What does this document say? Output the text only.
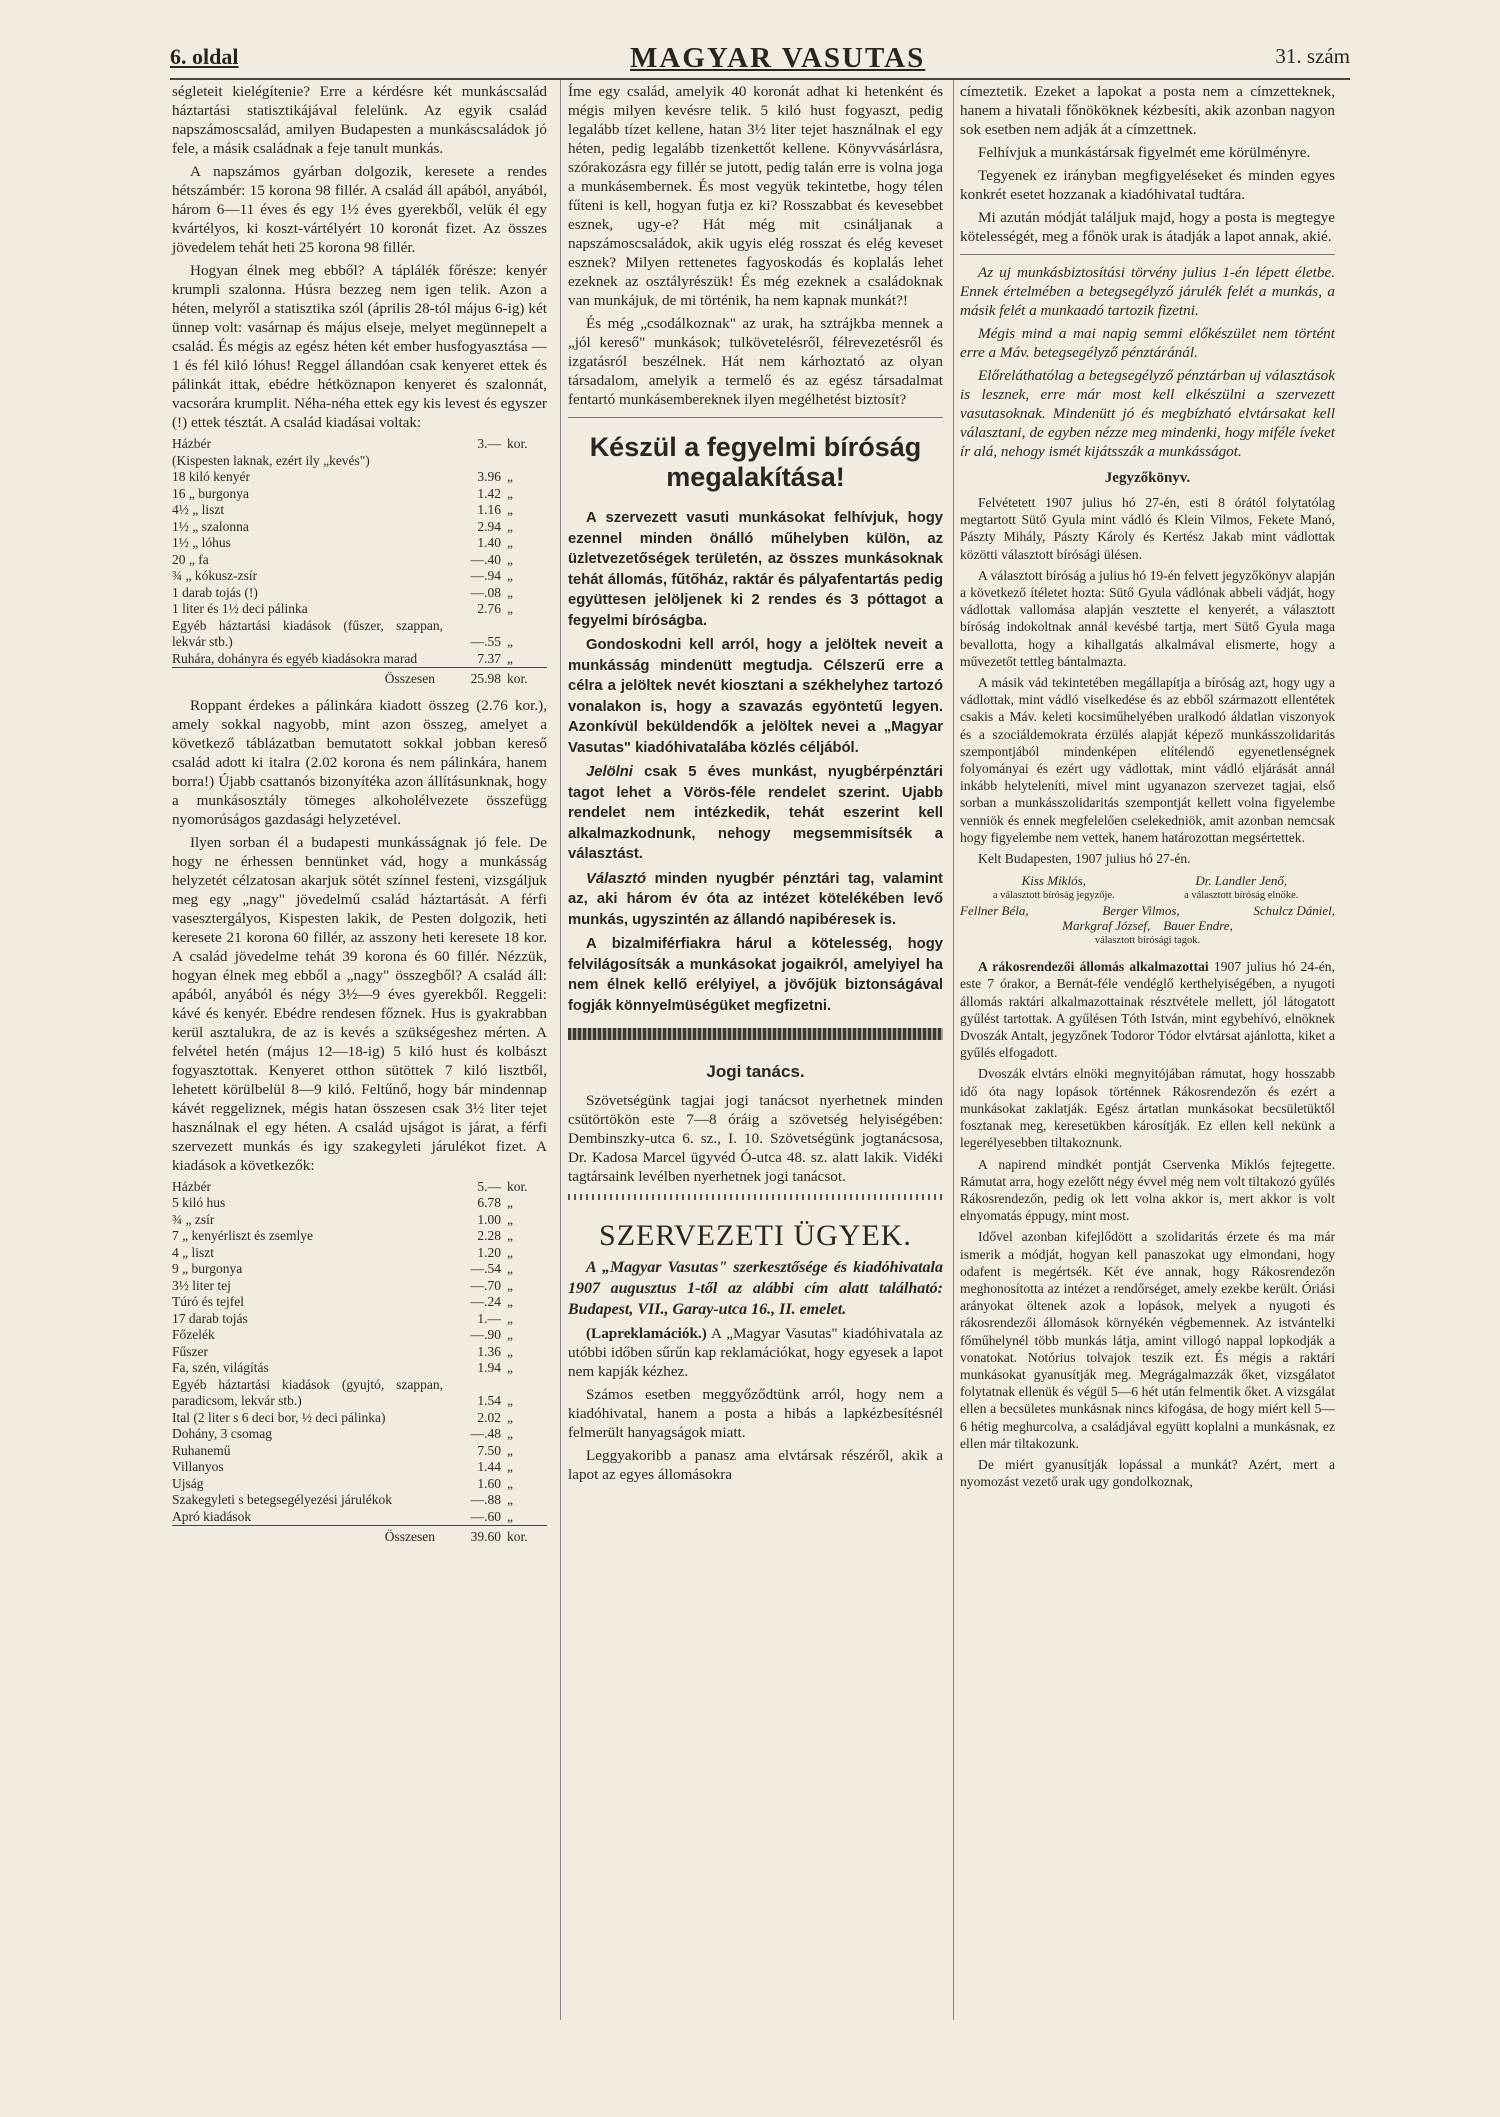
6. oldal	MAGYAR VASUTAS	31. szám

ségleteit kielégítenie? Erre a kérdésre két munkáscsalád háztartási statisztikájával felelünk. Az egyik család napszámoscsalád, amilyen Budapesten a munkáscsaládok jó fele, a másik családnak a feje tanult munkás.

A napszámos gyárban dolgozik, keresete a rendes hétszámbér: 15 korona 98 fillér. A család áll apából, anyából, három 6—11 éves és egy 1½ éves gyerekből, velük él egy kvártélyos, ki koszt-vártélyért 10 koronát fizet. Az összes jövedelem tehát heti 25 korona 98 fillér.

Hogyan élnek meg ebből? A táplálék főrésze: kenyér krumpli szalonna. Húsra bezzeg nem igen telik. Azon a héten, melyről a statisztika szól (április 28-tól május 6-ig) két ünnep volt: vasárnap és május elseje, melyet megünnepelt a család. És mégis az egész héten két ember husfogyasztása — 1 és fél kiló lóhus! Reggel állandóan csak kenyeret ettek és pálinkát ittak, ebédre hétköznapon kenyeret és szalonnát, vacsorára krumplit. Néha-néha ettek egy kis levest és egyszer (!) ettek tésztát. A család kiadásai voltak:

Házbér	3.—	kor.
(Kispesten laknak, ezért ily „kevés")		
18 kiló kenyér	3.96	„
16 „ burgonya	1.42	„
4½ „ liszt	1.16	„
1½ „ szalonna	2.94	„
1½ „ lóhus	1.40	„
20 „ fa	—.40	„
¾ „ kókusz-zsír	—.94	„
1 darab tojás (!)	—.08	„
1 liter és 1½ deci pálinka	2.76	„
Egyéb háztartási kiadások (fűszer, szappan, lekvár stb.)	—.55	„
Ruhára, dohányra és egyéb kiadásokra marad	7.37	„
Összesen	25.98	kor.

Roppant érdekes a pálinkára kiadott összeg (2.76 kor.), amely sokkal nagyobb, mint azon összeg, amelyet a következő táblázatban bemutatott sokkal jobban kereső család adott ki italra (2.02 korona és nem pálinkára, hanem borra!) Újabb csattanós bizonyítéka azon állításunknak, hogy a munkásosztály tömeges alkoholélvezete összefügg nyomorúságos gazdasági helyzetével.

Ilyen sorban él a budapesti munkásságnak jó fele. De hogy ne érhessen bennünket vád, hogy a munkásság helyzetét célzatosan akarjuk sötét színnel festeni, vizsgáljuk meg egy „nagy" jövedelmű család háztartását. A férfi vasesztergályos, Kispesten lakik, de Pesten dolgozik, heti keresete 21 korona 60 fillér, az asszony heti keresete 18 kor. A család jövedelme tehát 39 korona és 60 fillér. Nézzük, hogyan élnek meg ebből a „nagy" összegből? A család áll: apából, anyából és négy 3½—9 éves gyerekből. Reggeli: kávé és kenyér. Ebédre rendesen főznek. Hus is gyakrabban kerül asztalukra, de az is kevés a szükségeshez mérten. A felvétel hetén (május 12—18-ig) 5 kiló hust és kolbászt fogyasztottak. Kenyeret otthon sütöttek 7 kiló lisztből, lehetett körülbelül 8—9 kiló. Feltűnő, hogy bár mindennap kávét reggeliznek, mégis hatan összesen csak 3½ liter tejet használnak el egy héten. A család ujságot is járat, a férfi szervezett munkás és igy szakegyleti járulékot fizet. A kiadások a következők:

Házbér	5.—	kor.
5 kiló hus	6.78	„
¾ „ zsír	1.00	„
7 „ kenyérliszt és zsemlye	2.28	„
4 „ liszt	1.20	„
9 „ burgonya	—.54	„
3½ liter tej	—.70	„
Túró és tejfel	—.24	„
17 darab tojás	1.—	„
Főzelék	—.90	„
Fűszer	1.36	„
Fa, szén, világítás	1.94	„
Egyéb háztartási kiadások (gyujtó, szappan, paradicsom, lekvár stb.)	1.54	„
Ital (2 liter s 6 deci bor, ½ deci pálinka)	2.02	„
Dohány, 3 csomag	—.48	„
Ruhanemű	7.50	„
Villanyos	1.44	„
Ujság	1.60	„
Szakegyleti s betegsegélyezési járulékok	—.88	„
Apró kiadások	—.60	„
Összesen	39.60	kor.

Íme egy család, amelyik 40 koronát adhat ki hetenként és mégis milyen kevésre telik. 5 kiló hust fogyaszt, pedig legalább tízet kellene, hatan 3½ liter tejet használnak el egy héten, pedig legalább tizenkettőt kellene. Könyvvásárlásra, szórakozásra egy fillér se jutott, pedig talán erre is volna joga a munkásembernek. És most vegyük tekintetbe, hogy télen fűteni is kell, hogyan futja ez ki? Rosszabbat és kevesebbet esznek, ugy-e? Hát még mit csináljanak a napszámoscsaládok, akik ugyis elég rosszat és elég keveset esznek? Milyen rettenetes fagyoskodás és koplalás lehet ezeknek az osztályrészük! És még ezeknek a családoknak van munkájuk, de mi történik, ha nem kapnak munkát?!

És még „csodálkoznak" az urak, ha sztrájkba mennek a „jól kereső" munkások; tulkövetelésről, félrevezetésről és izgatásról beszélnek. Hát nem kárhoztató az olyan társadalom, amelyik a termelő és az egész társadalmat fentartó munkásembereknek ilyen megélhetést biztosít?

Készül a fegyelmi bíróság megalakítása!

A szervezett vasuti munkásokat felhívjuk, hogy ezennel minden önálló műhelyben külön, az üzletvezetőségek területén, az összes munkásoknak tehát állomás, fűtőház, raktár és pályafentartás pedig együttesen jelöljenek ki 2 rendes és 3 póttagot a fegyelmi bíróságba.

Gondoskodni kell arról, hogy a jelöltek neveit a munkásság mindenütt megtudja. Célszerű erre a célra a jelöltek nevét kiosztani a székhelyhez tartozó vonalakon is, hogy a szavazás egyöntetű legyen. Azonkívül beküldendők a jelöltek nevei a „Magyar Vasutas" kiadóhivatalába közlés céljából.

Jelölni csak 5 éves munkást, nyugbérpénztári tagot lehet a Vörös-féle rendelet szerint. Ujabb rendelet nem intézkedik, tehát eszerint kell alkalmazkodnunk, nehogy megsemmisítsék a választást.

Választó minden nyugbér pénztári tag, valamint az, aki három év óta az intézet kötelékében levő munkás, ugyszintén az állandó napibéresek is.

A bizalmiférfiakra hárul a kötelesség, hogy felvilágosítsák a munkásokat jogaikról, amelyiyel ha nem élnek kellő erélyiyel, a jövőjük biztonságával fogják könnyelmüségüket megfizetni.

Jogi tanács.

Szövetségünk tagjai jogi tanácsot nyerhetnek minden csütörtökön este 7—8 óráig a szövetség helyiségében: Dembinszky-utca 6. sz., I. 10. Szövetségünk jogtanácsosa, Dr. Kadosa Marcel ügyvéd Ó-utca 48. sz. alatt lakik. Vidéki tagtársaink levélben nyerhetnek jogi tanácsot.

SZERVEZETI ÜGYEK.

A „Magyar Vasutas" szerkesztősége és kiadóhivatala 1907 augusztus 1-től az alábbi cím alatt található: Budapest, VII., Garay-utca 16., II. emelet.

(Lapreklamációk.) A „Magyar Vasutas" kiadóhivatala az utóbbi időben sűrűn kap reklamációkat, hogy egyesek a lapot nem kapják kézhez.

Számos esetben meggyőződtünk arról, hogy nem a kiadóhivatal, hanem a posta a hibás a lapkézbesítésnél felmerült hanyagságok miatt.

Leggyakoribb a panasz ama elvtársak részéről, akik a lapot az egyes állomásokra

címeztetik. Ezeket a lapokat a posta nem a címzetteknek, hanem a hivatali főnököknek kézbesíti, akik azonban nagyon sok esetben nem adják át a címzettnek.

Felhívjuk a munkástársak figyelmét eme körülményre.

Tegyenek ez irányban megfigyeléseket és minden egyes konkrét esetet hozzanak a kiadóhivatal tudtára.

Mi azután módját találjuk majd, hogy a posta is megtegye kötelességét, meg a főnök urak is átadják a lapot annak, akié.

Az uj munkásbiztosítási törvény julius 1-én lépett életbe. Ennek értelmében a betegsegélyző járulék felét a munkás, a másik felét a munkaadó tartozik fizetni.

Mégis mind a mai napig semmi előkészület nem történt erre a Máv. betegsegélyző pénztáránál.

Előreláthatólag a betegsegélyző pénztárban uj választások is lesznek, erre már most kell elkészülni a szervezett vasutasoknak. Mindenütt jó és megbízható elvtársakat kell választani, de egyben nézze meg mindenki, hogy miféle íveket ír alá, nehogy ismét kijátsszák a munkásságot.

Jegyzőkönyv.

Felvétetett 1907 julius hó 27-én, esti 8 órától folytatólag megtartott Sütő Gyula mint vádló és Klein Vilmos, Fekete Manó, Pászty Mihály, Pászty Károly és Kertész Jakab mint vádlottak közötti választott bírósági ülésen.

A választott bíróság a julius hó 19-én felvett jegyzőkönyv alapján a következő ítéletet hozta: Sütő Gyula vádlónak abbeli vádját, hogy vádlottak vallomása alapján vesztette el kenyerét, a választott bíróság indokoltnak annál kevésbé tartja, mert Sütő Gyula maga bevallotta, hogy a kihallgatás alkalmával elismerte, hogy a művezetőt tettleg bántalmazta.

A másik vád tekintetében megállapítja a bíróság azt, hogy ugy a vádlottak, mint vádló viselkedése és az ebből származott ellentétek csakis a Máv. keleti kocsiműhelyében uralkodó áldatlan viszonyok és a szociáldemokrata érzülés alapját képező munkásszolidaritás szempontjából mindenképen elítélendő egyenetlenségnek folyományai és ezért ugy vádlottak, mint vádló eljárását annál inkább helyteleníti, mivel mint ugyanazon szervezet tagjai, első sorban a munkásszolidaritás szempontját kellett volna figyelembe venniök és ennek megfelelően cselekedniök, amit azonban nemcsak hogy figyelembe nem vettek, hanem határozottan megsértettek.

Kelt Budapesten, 1907 julius hó 27-én.

Kiss Miklós,
a választott bíróság jegyzője.
Dr. Landler Jenő,
a választott bíróság elnöke.
Fellner Béla,	Berger Vilmos,	Schulcz Dániel,
Markgraf József, Bauer Endre,
választott bírósági tagok.

A rákosrendezői állomás alkalmazottai 1907 julius hó 24-én, este 7 órakor, a Bernát-féle vendéglő kerthelyiségében, a nyugoti állomás raktári alkalmazottainak résztvétele mellett, jól látogatott gyűlést tartottak. A gyűlésen Tóth István, mint egybehívó, elnöknek Dvoszák Antalt, jegyzőnek Todoror Tódor elvtársat ajánlotta, kiket a gyűlés elfogadott.

Dvoszák elvtárs elnöki megnyitójában rámutat, hogy hosszabb idő óta nagy lopások történnek Rákosrendezőn és ezért a munkásokat zaklatják. Egész ártatlan munkásokat becsületüktől fosztanak meg, keresetükben károsítják. Ez ellen kell nekünk a legerélyesebben tiltakoznunk.

A napirend mindkét pontját Cservenka Miklós fejtegette. Rámutat arra, hogy ezelőtt négy évvel még nem volt tiltakozó gyűlés Rákosrendezőn, pedig ok lett volna akkor is, mert akkor is volt elnyomatás éppugy, mint most.

Idővel azonban kifejlődött a szolidaritás érzete és ma már ismerik a módját, hogyan kell panaszokat ugy elmondani, hogy odafent is megértsék. Két éve annak, hogy Rákosrendezőn meghonosította az intézet a rendőrséget, amely ezekbe került. Óriási arányokat öltenek azok a lopások, melyek a nyugoti és rákosrendezői állomások környékén végbemennek. Az istvántelki főműhelynél több munkás látja, amint villogó nappal lopkodják a vonatokat. Notórius tolvajok teszik ezt. És mégis a raktári munkásokat gyanusítják meg. Megrágalmazzák őket, vizsgálatot folytatnak ellenük és végül 5—6 hét után felmentik őket. A vizsgálat ellen a becsületes munkásnak nincs kifogása, de hogy miért kell 5—6 hétig meghurcolva, a családjával együtt koplalni a munkásnak, ez ellen már tiltakozunk.

De miért gyanusítják lopással a munkát? Azért, mert a nyomozást vezető urak ugy gondolkoznak,
